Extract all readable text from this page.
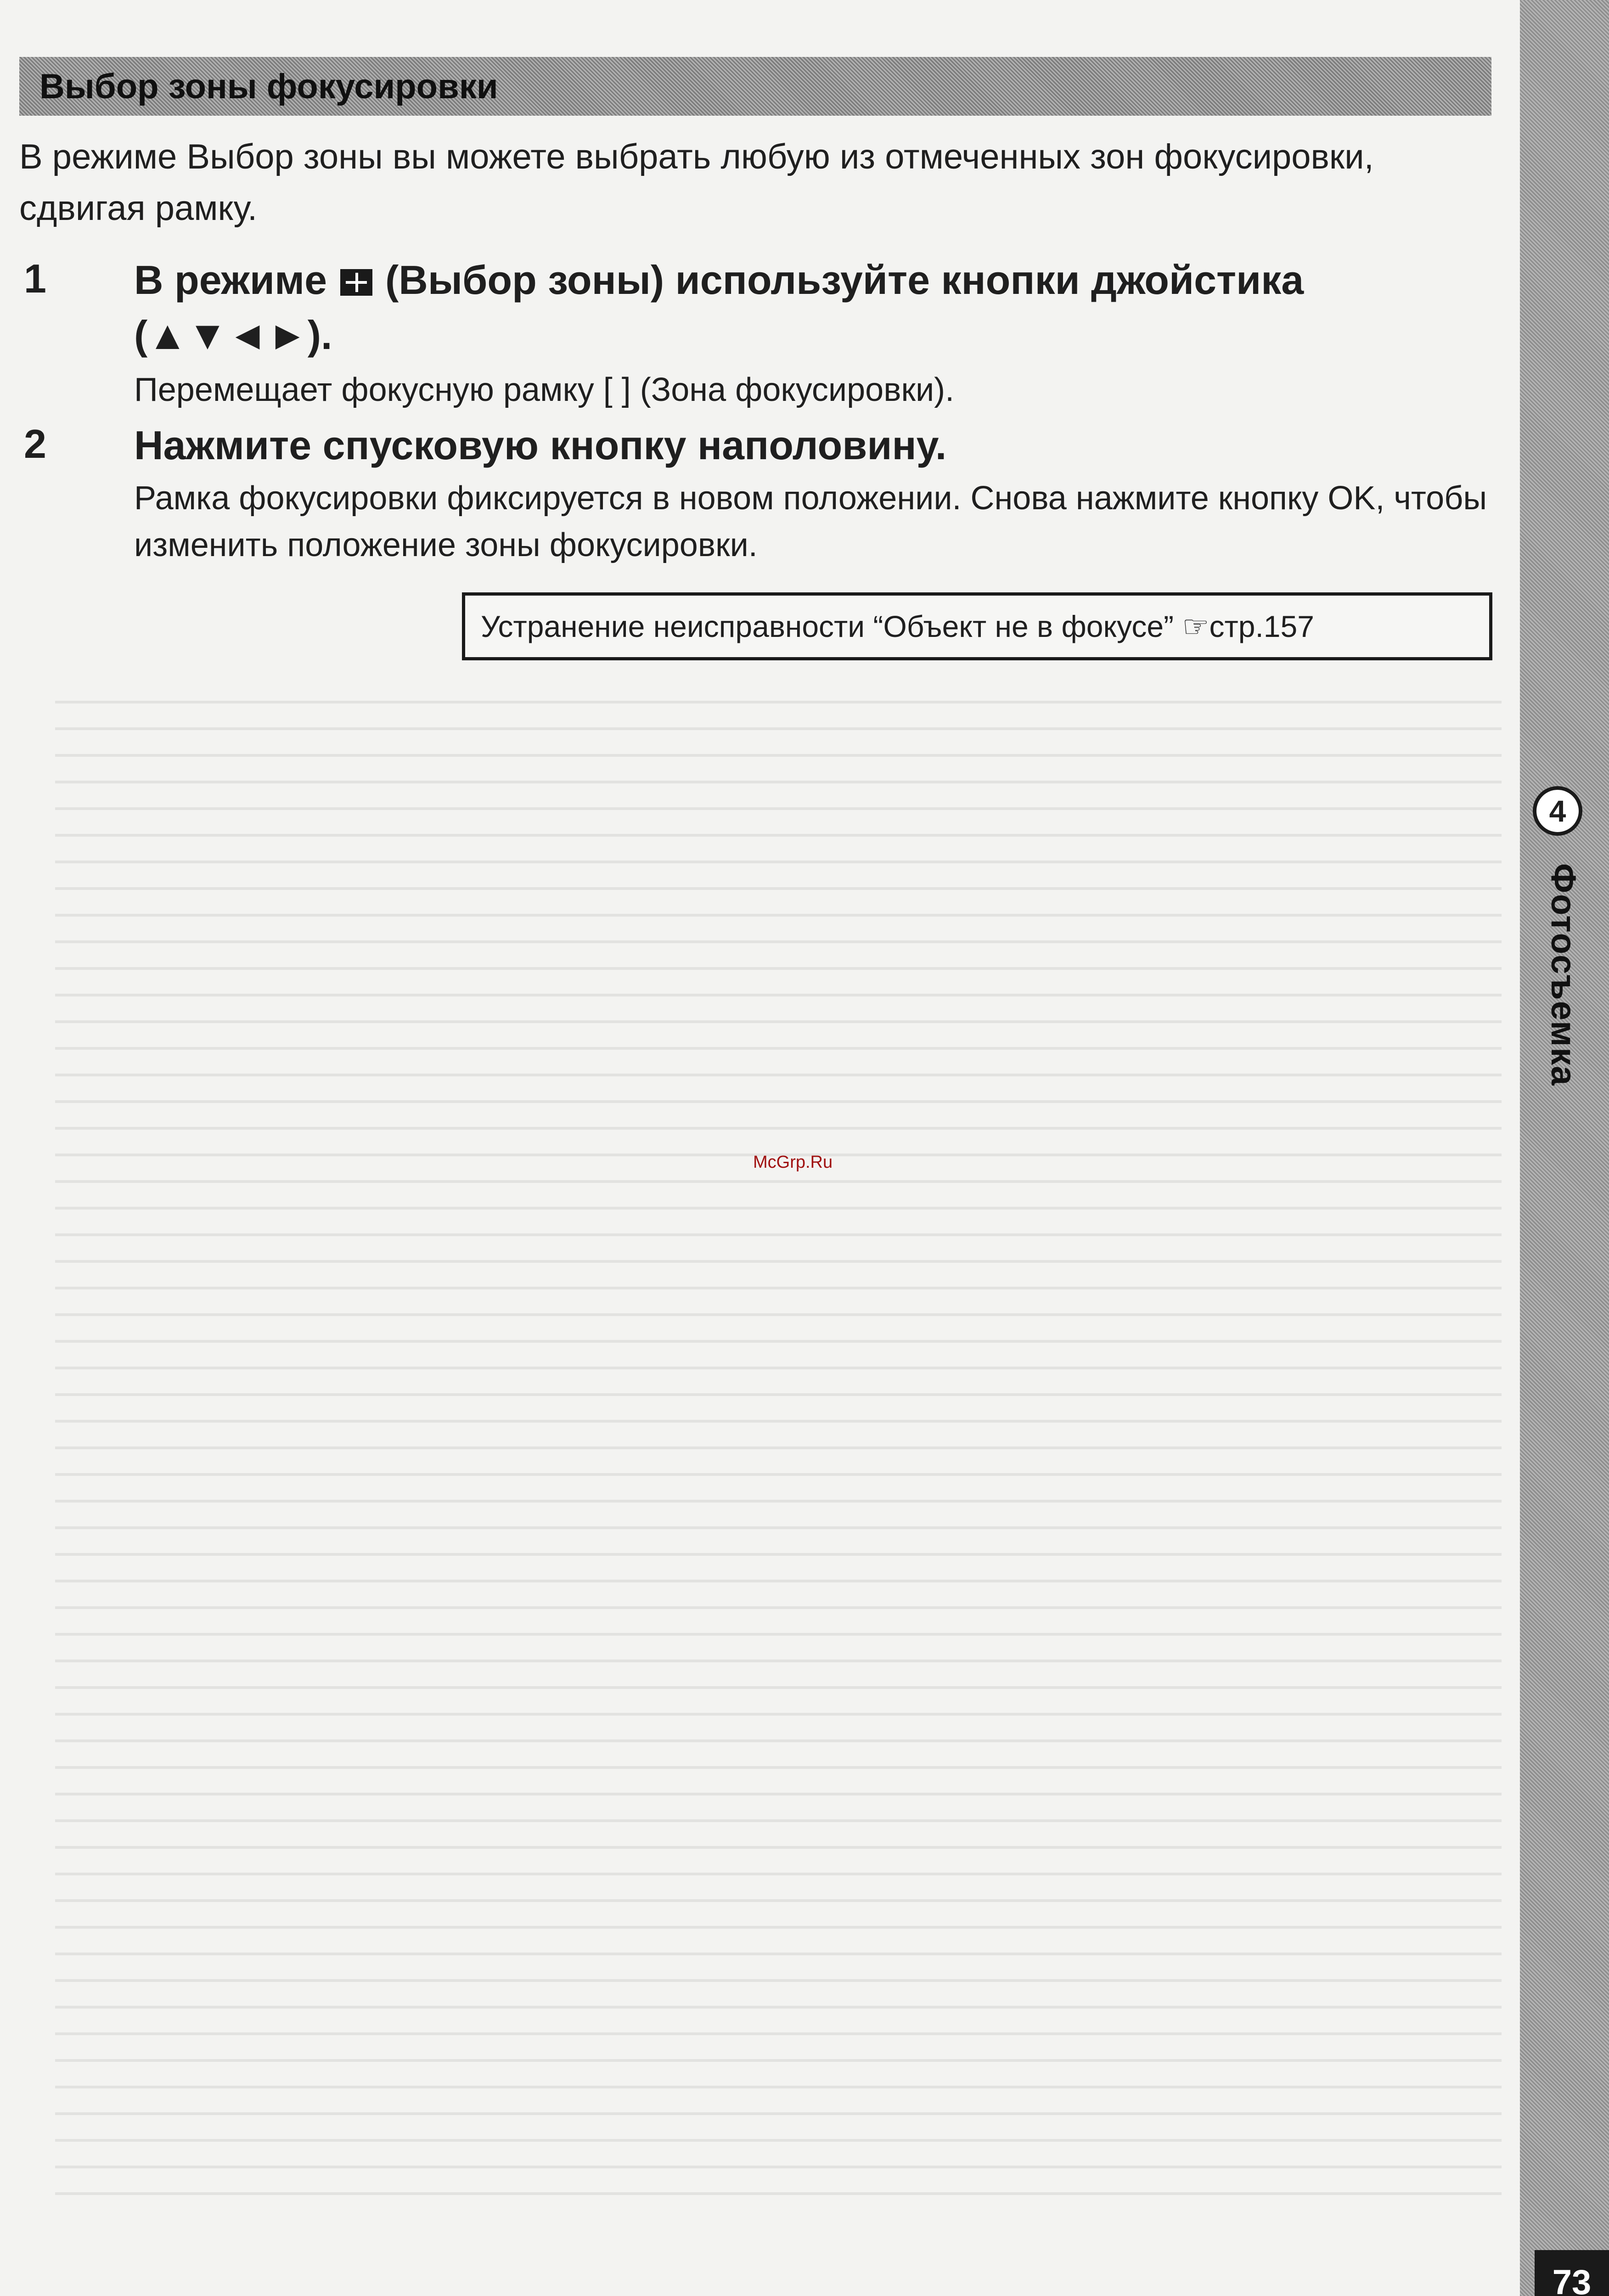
Выбор зоны фокусировки

В режиме Выбор зоны вы можете выбрать любую из отмеченных зон фокусировки, сдвигая рамку.

1 В режиме (Выбор зоны) используйте кнопки джойстика (▲▼◄►).

Перемещает фокусную рамку [ ] (Зона фокусировки).

2 Нажмите спусковую кнопку наполовину.

Рамка фокусировки фиксируется в новом положении. Снова нажмите кнопку OK, чтобы изменить положение зоны фокусировки.

Устранение неисправности “Объект не в фокусе” ☞стр.157
McGrp.Ru
4
Фотосъемка
73
